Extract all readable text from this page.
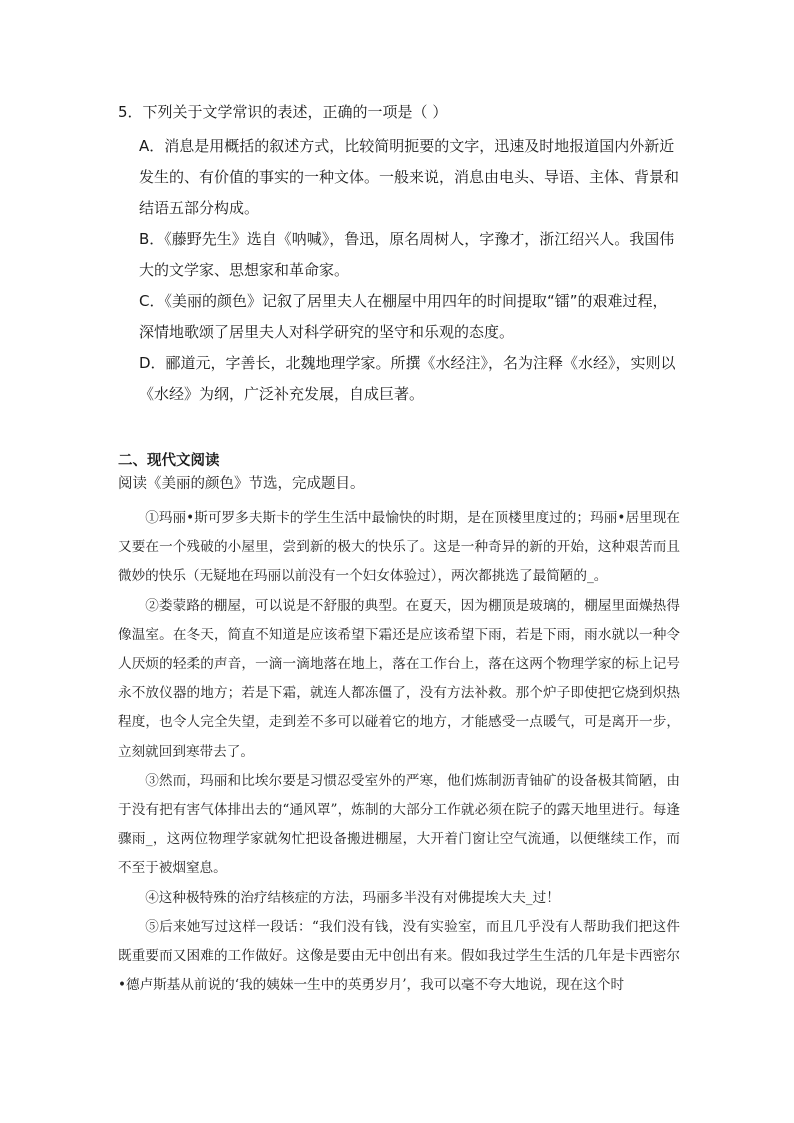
5．下列关于文学常识的表述，正确的一项是（ ）

A．消息是用概括的叙述方式，比较简明扼要的文字，迅速及时地报道国内外新近发生的、有价值的事实的一种文体。一般来说，消息由电头、导语、主体、背景和结语五部分构成。

B．《藤野先生》选自《呐喊》，鲁迅，原名周树人，字豫才，浙江绍兴人。我国伟大的文学家、思想家和革命家。

C．《美丽的颜色》记叙了居里夫人在棚屋中用四年的时间提取“镭”的艰难过程，深情地歌颂了居里夫人对科学研究的坚守和乐观的态度。

D．郦道元，字善长，北魏地理学家。所撰《水经注》，名为注释《水经》，实则以《水经》为纲，广泛补充发展，自成巨著。

二、现代文阅读
阅读《美丽的颜色》节选，完成题目。

①玛丽•斯可罗多夫斯卡的学生生活中最愉快的时期，是在顶楼里度过的；玛丽•居里现在又要在一个残破的小屋里，尝到新的极大的快乐了。这是一种奇异的新的开始，这种艰苦而且微妙的快乐（无疑地在玛丽以前没有一个妇女体验过），两次都挑选了最简陋的_。

②娄蒙路的棚屋，可以说是不舒服的典型。在夏天，因为棚顶是玻璃的，棚屋里面燥热得像温室。在冬天，简直不知道是应该希望下霜还是应该希望下雨，若是下雨，雨水就以一种令人厌烦的轻柔的声音，一滴一滴地落在地上，落在工作台上，落在这两个物理学家的标上记号永不放仪器的地方；若是下霜，就连人都冻僵了，没有方法补救。那个炉子即使把它烧到炽热程度，也令人完全失望，走到差不多可以碰着它的地方，才能感受一点暖气，可是离开一步，立刻就回到寒带去了。

③然而，玛丽和比埃尔要是习惯忍受室外的严寒，他们炼制沥青铀矿的设备极其简陋，由于没有把有害气体排出去的“通风罩”，炼制的大部分工作就必须在院子的露天地里进行。每逢骤雨_，这两位物理学家就匆忙把设备搬进棚屋，大开着门窗让空气流通，以便继续工作，而不至于被烟窒息。

④这种极特殊的治疗结核症的方法，玛丽多半没有对佛提埃大夫_过！

⑤后来她写过这样一段话：“我们没有钱，没有实验室，而且几乎没有人帮助我们把这件既重要而又困难的工作做好。这像是要由无中创出有来。假如我过学生生活的几年是卡西密尔•德卢斯基从前说的‘我的姨妹一生中的英勇岁月’，我可以毫不夸大地说，现在这个时
